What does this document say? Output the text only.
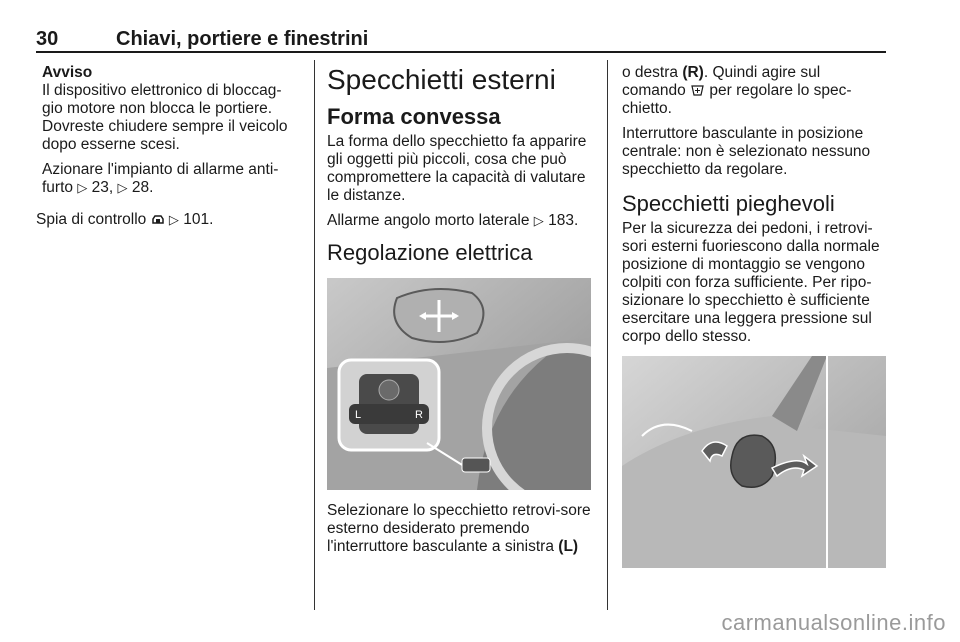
30	Chiavi, portiere e finestrini

Avviso

Il dispositivo elettronico di bloccag-gio motore non blocca le portiere. Dovreste chiudere sempre il veicolo dopo esserne scesi.

Azionare l'impianto di allarme anti-furto ▷ 23, ▷ 28.

Spia di controllo ▷ 101.

Specchietti esterni
Forma convessa

La forma dello specchietto fa apparire gli oggetti più piccoli, cosa che può compromettere la capacità di valutare le distanze.

Allarme angolo morto laterale ▷ 183.

Regolazione elettrica
L	R

Selezionare lo specchietto retrovi-sore esterno desiderato premendo l'interruttore basculante a sinistra (L)

o destra (R). Quindi agire sul comando per regolare lo spec-chietto.

Interruttore basculante in posizione centrale: non è selezionato nessuno specchietto da regolare.

Specchietti pieghevoli

Per la sicurezza dei pedoni, i retrovi-sori esterni fuoriescono dalla normale posizione di montaggio se vengono colpiti con forza sufficiente. Per ripo-sizionare lo specchietto è sufficiente esercitare una leggera pressione sul corpo dello stesso.

carmanualsonline.info
